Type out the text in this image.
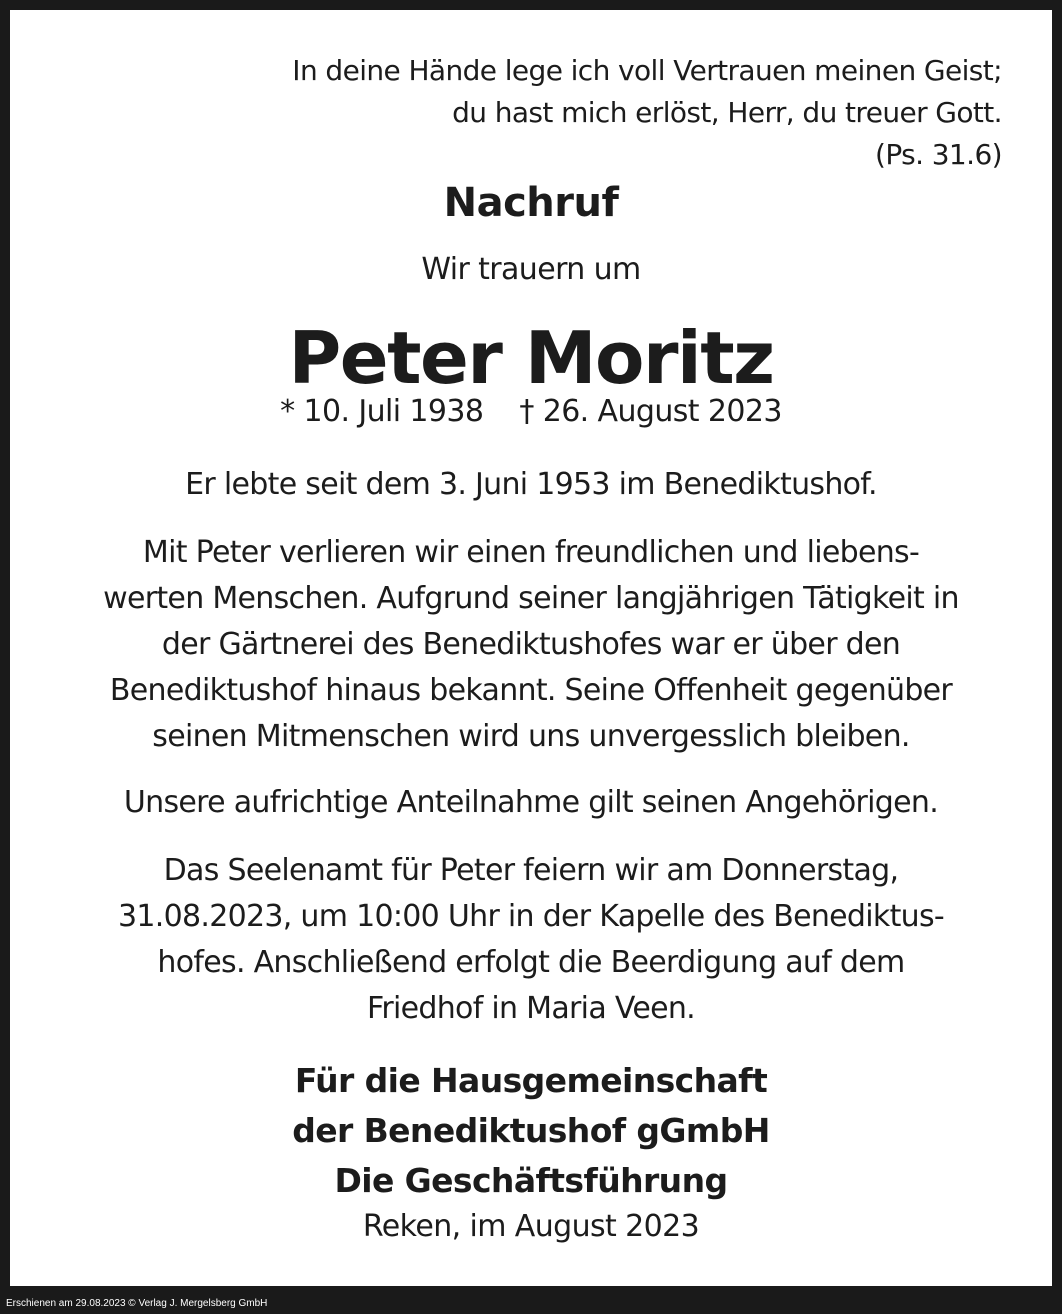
In deine Hände lege ich voll Vertrauen meinen Geist;
du hast mich erlöst, Herr, du treuer Gott.
(Ps. 31.6)
Nachruf
Wir trauern um
Peter Moritz
* 10. Juli 1938 † 26. August 2023
Er lebte seit dem 3. Juni 1953 im Benediktushof.
Mit Peter verlieren wir einen freundlichen und liebens-
werten Menschen. Aufgrund seiner langjährigen Tätigkeit in
der Gärtnerei des Benediktushofes war er über den
Benediktushof hinaus bekannt. Seine Offenheit gegenüber
seinen Mitmenschen wird uns unvergesslich bleiben.
Unsere aufrichtige Anteilnahme gilt seinen Angehörigen.
Das Seelenamt für Peter feiern wir am Donnerstag,
31.08.2023, um 10:00 Uhr in der Kapelle des Benediktus-
hofes. Anschließend erfolgt die Beerdigung auf dem
Friedhof in Maria Veen.
Für die Hausgemeinschaft
der Benediktushof gGmbH
Die Geschäftsführung
Reken, im August 2023
Erschienen am 29.08.2023 © Verlag J. Mergelsberg GmbH
